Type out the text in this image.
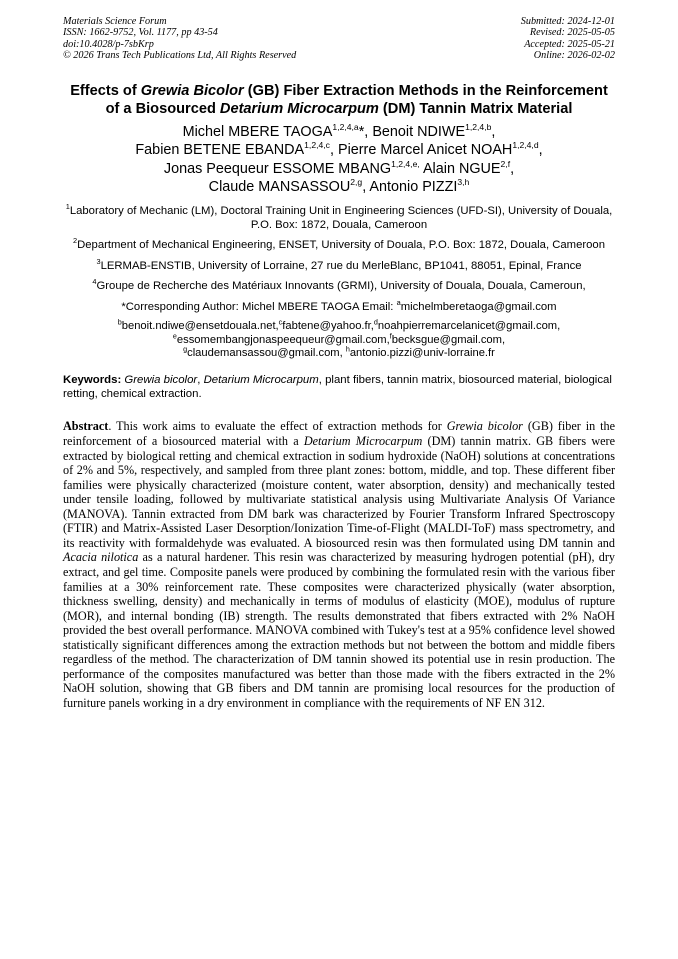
Materials Science Forum
ISSN: 1662-9752, Vol. 1177, pp 43-54
doi:10.4028/p-7sbKrp
© 2026 Trans Tech Publications Ltd, All Rights Reserved
Submitted: 2024-12-01
Revised: 2025-05-05
Accepted: 2025-05-21
Online: 2026-02-02
Effects of Grewia Bicolor (GB) Fiber Extraction Methods in the Reinforcement of a Biosourced Detarium Microcarpum (DM) Tannin Matrix Material
Michel MBERE TAOGA$^{1,2,4,a}$*, Benoit NDIWE$^{1,2,4,b}$,
Fabien BETENE EBANDA$^{1,2,4,c}$, Pierre Marcel Anicet NOAH$^{1,2,4,d}$,
Jonas Peequeur ESSOME $MBANG^{1,2,4,e,}$ Alain NGUE$^{2,f}$,
Claude MANSASSOU$^{2,g}$, Antonio PIZZI$^{3,h}$

$^1$Laboratory of Mechanic (LM), Doctoral Training Unit in Engineering Sciences (UFD-SI), University of Douala, P.O. Box: 1872, Douala, Cameroon

$^2$Department of Mechanical Engineering, ENSET, University of Douala, P.O. Box: 1872, Douala, Cameroon

$^3$LERMAB-ENSTIB, University of Lorraine, 27 rue du MerleBlanc, BP1041, 88051, Epinal, France

$^4$Groupe de Recherche des Matériaux Innovants (GRMI), University of Douala, Douala, Cameroun,

*Corresponding Author: Michel MBERE TAOGA Email: $^a$michelmberetaoga@gmail.com

$^b$benoit.ndiwe@ensetdouala.net,$^c$fabtene@yahoo.fr,$^d$noahpierremarcelanicet@gmail.com,
$^e$essomembangjonaspeequeur@gmail.com,$^f$becksgue@gmail.com,
$^g$claudemansassou@gmail.com, $^h$antonio.pizzi@univ-lorraine.fr
Keywords: Grewia bicolor, Detarium Microcarpum, plant fibers, tannin matrix, biosourced material, biological retting, chemical extraction.
Abstract. This work aims to evaluate the effect of extraction methods for Grewia bicolor (GB) fiber in the reinforcement of a biosourced material with a Detarium Microcarpum (DM) tannin matrix. GB fibers were extracted by biological retting and chemical extraction in sodium hydroxide (NaOH) solutions at concentrations of 2% and 5%, respectively, and sampled from three plant zones: bottom, middle, and top. These different fiber families were physically characterized (moisture content, water absorption, density) and mechanically tested under tensile loading, followed by multivariate statistical analysis using Multivariate Analysis Of Variance (MANOVA). Tannin extracted from DM bark was characterized by Fourier Transform Infrared Spectroscopy (FTIR) and Matrix-Assisted Laser Desorption/Ionization Time-of-Flight (MALDI-ToF) mass spectrometry, and its reactivity with formaldehyde was evaluated. A biosourced resin was then formulated using DM tannin and Acacia nilotica as a natural hardener. This resin was characterized by measuring hydrogen potential (pH), dry extract, and gel time. Composite panels were produced by combining the formulated resin with the various fiber families at a 30% reinforcement rate. These composites were characterized physically (water absorption, thickness swelling, density) and mechanically in terms of modulus of elasticity (MOE), modulus of rupture (MOR), and internal bonding (IB) strength. The results demonstrated that fibers extracted with 2% NaOH provided the best overall performance. MANOVA combined with Tukey's test at a 95% confidence level showed statistically significant differences among the extraction methods but not between the bottom and middle fibers regardless of the method. The characterization of DM tannin showed its potential use in resin production. The performance of the composites manufactured was better than those made with the fibers extracted in the 2% NaOH solution, showing that GB fibers and DM tannin are promising local resources for the production of furniture panels working in a dry environment in compliance with the requirements of NF EN 312.
